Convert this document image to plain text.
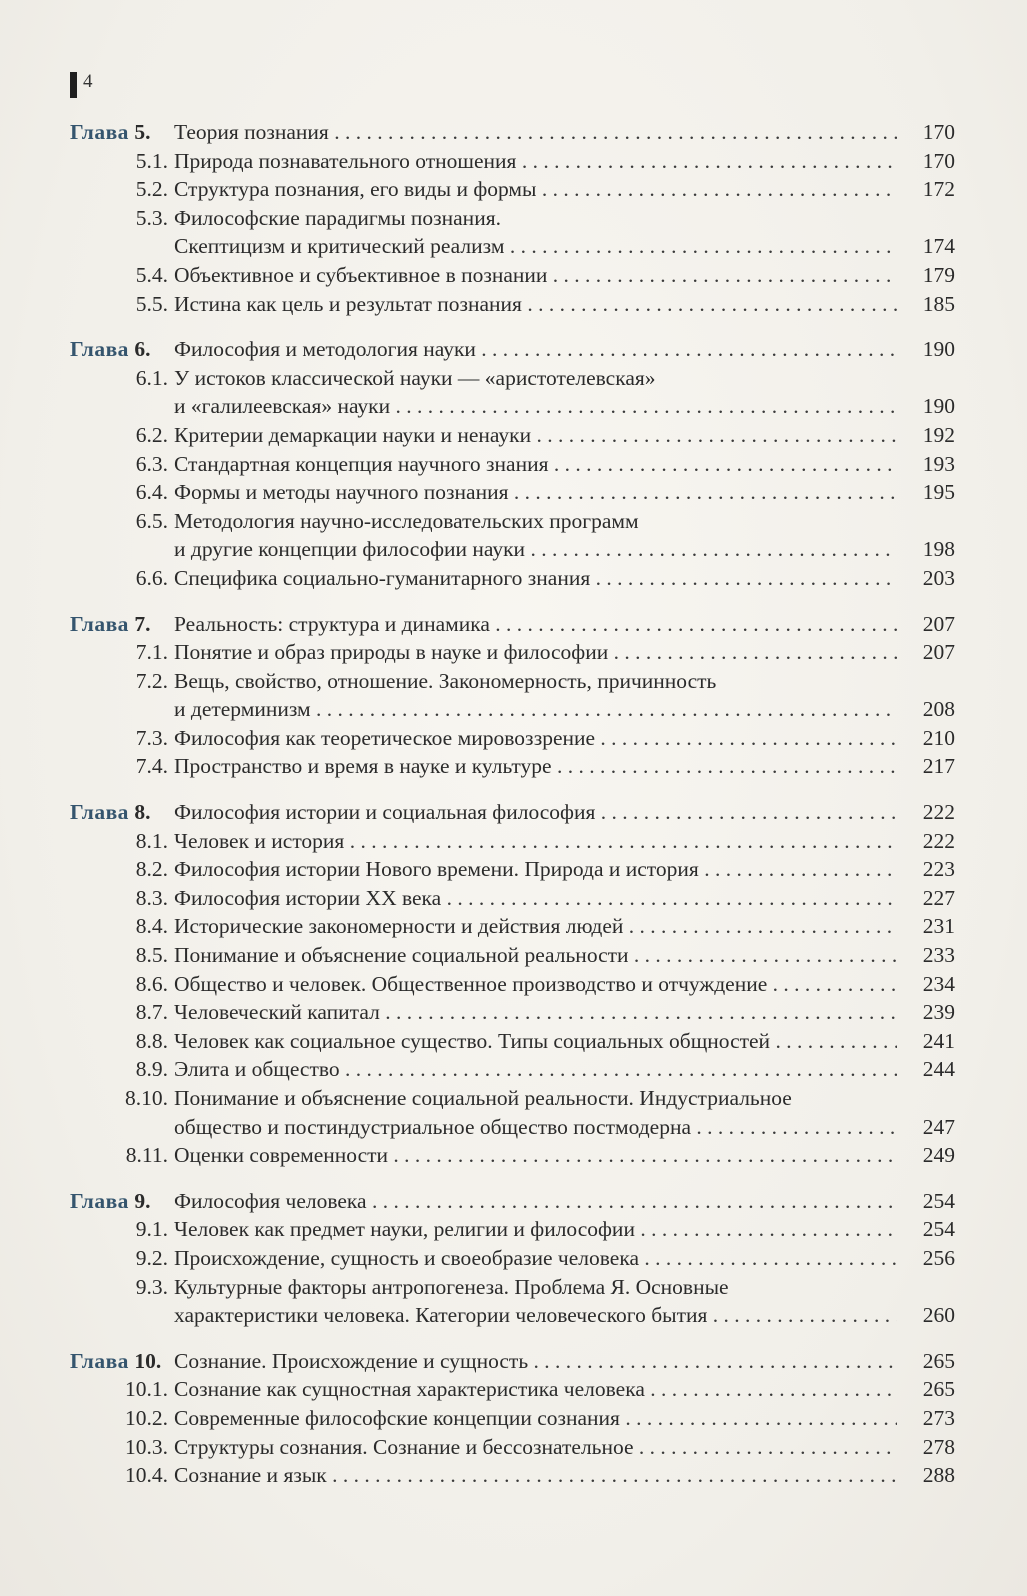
4
Глава 5.	Теория познания . . .	170
5.1. Природа познавательного отношения . . .	170
5.2. Структура познания, его виды и формы . . .	172
5.3. Философские парадигмы познания.
Скептицизм и критический реализм . . .	174
5.4. Объективное и субъективное в познании . . .	179
5.5. Истина как цель и результат познания . . .	185
Глава 6.	Философия и методология науки . . .	190
6.1. У истоков классической науки — «аристотелевская»
и «галилеевская» науки . . .	190
6.2. Критерии демаркации науки и ненауки . . .	192
6.3. Стандартная концепция научного знания . . .	193
6.4. Формы и методы научного познания . . .	195
6.5. Методология научно-исследовательских программ
и другие концепции философии науки . . .	198
6.6. Специфика социально-гуманитарного знания . . .	203
Глава 7.	Реальность: структура и динамика . . .	207
7.1. Понятие и образ природы в науке и философии . . .	207
7.2. Вещь, свойство, отношение. Закономерность, причинность
и детерминизм . . .	208
7.3. Философия как теоретическое мировоззрение . . .	210
7.4. Пространство и время в науке и культуре . . .	217
Глава 8.	Философия истории и социальная философия . . .	222
8.1. Человек и история . . .	222
8.2. Философия истории Нового времени. Природа и история . . .	223
8.3. Философия истории XX века . . .	227
8.4. Исторические закономерности и действия людей . . .	231
8.5. Понимание и объяснение социальной реальности . . .	233
8.6. Общество и человек. Общественное производство и отчуждение . . .	234
8.7. Человеческий капитал . . .	239
8.8. Человек как социальное существо. Типы социальных общностей . . .	241
8.9. Элита и общество . . .	244
8.10. Понимание и объяснение социальной реальности. Индустриальное
общество и постиндустриальное общество постмодерна . . .	247
8.11. Оценки современности . . .	249
Глава 9.	Философия человека . . .	254
9.1. Человек как предмет науки, религии и философии . . .	254
9.2. Происхождение, сущность и своеобразие человека . . .	256
9.3. Культурные факторы антропогенеза. Проблема Я. Основные
характеристики человека. Категории человеческого бытия . . .	260
Глава 10. Сознание. Происхождение и сущность . . .	265
10.1. Сознание как сущностная характеристика человека . . .	265
10.2. Современные философские концепции сознания . . .	273
10.3. Структуры сознания. Сознание и бессознательное . . .	278
10.4. Сознание и язык . . .	288
